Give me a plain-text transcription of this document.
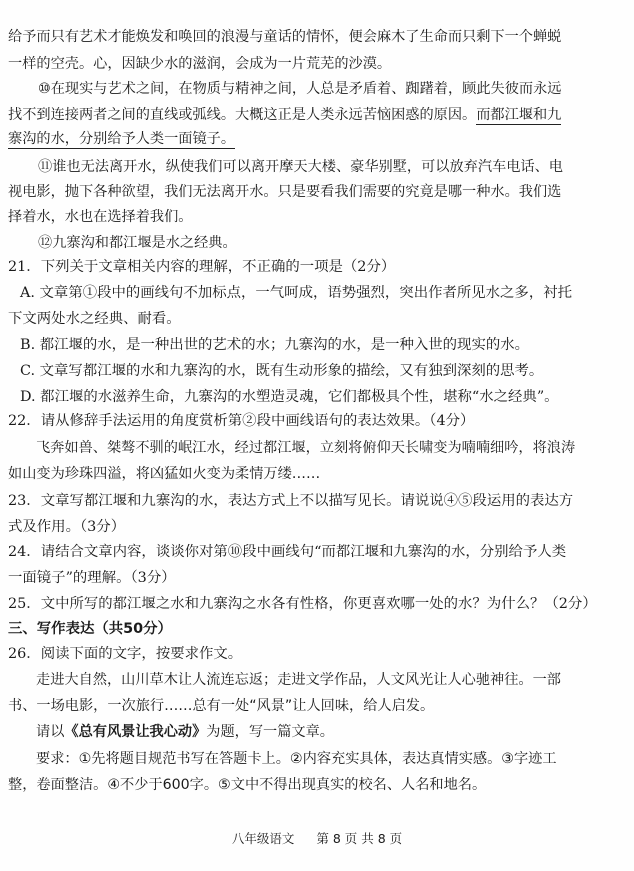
给予而只有艺术才能焕发和唤回的浪漫与童话的情怀，便会麻木了生命而只剩下一个蝉蜕
一样的空壳。心，因缺少水的滋润，会成为一片荒芜的沙漠。
⑩在现实与艺术之间，在物质与精神之间，人总是矛盾着、踟躇着，顾此失彼而永远
找不到连接两者之间的直线或弧线。大概这正是人类永远苦恼困惑的原因。而都江堰和九
寨沟的水，分别给予人类一面镜子。
⑪谁也无法离开水，纵使我们可以离开摩天大楼、豪华别墅，可以放弃汽车电话、电
视电影，抛下各种欲望，我们无法离开水。只是要看我们需要的究竟是哪一种水。我们选
择着水，水也在选择着我们。
⑫九寨沟和都江堰是水之经典。
21．下列关于文章相关内容的理解，不正确的一项是（2分）
A. 文章第①段中的画线句不加标点，一气呵成，语势强烈，突出作者所见水之多，衬托
下文两处水之经典、耐看。
B. 都江堰的水，是一种出世的艺术的水；九寨沟的水，是一种入世的现实的水。
C. 文章写都江堰的水和九寨沟的水，既有生动形象的描绘，又有独到深刻的思考。
D. 都江堰的水滋养生命，九寨沟的水塑造灵魂，它们都极具个性，堪称“水之经典”。
22．请从修辞手法运用的角度赏析第②段中画线语句的表达效果。（4分）
飞奔如兽、桀骜不驯的岷江水，经过都江堰，立刻将俯仰天长啸变为喃喃细吟，将浪涛
如山变为珍珠四溢，将凶猛如火变为柔情万缕……
23．文章写都江堰和九寨沟的水，表达方式上不以描写见长。请说说④⑤段运用的表达方
式及作用。（3分）
24．请结合文章内容，谈谈你对第⑩段中画线句“而都江堰和九寨沟的水，分别给予人类
一面镜子”的理解。（3分）
25．文中所写的都江堰之水和九寨沟之水各有性格，你更喜欢哪一处的水？为什么？（2分）
三、写作表达（共50分）
26．阅读下面的文字，按要求作文。
走进大自然，山川草木让人流连忘返；走进文学作品，人文风光让人心驰神往。一部
书、一场电影，一次旅行……总有一处“风景”让人回味，给人启发。
请以《总有风景让我心动》为题，写一篇文章。
要求：①先将题目规范书写在答题卡上。②内容充实具体，表达真情实感。③字迹工
整，卷面整洁。④不少于600字。⑤文中不得出现真实的校名、人名和地名。
八年级语文 第 8 页 共 8 页
